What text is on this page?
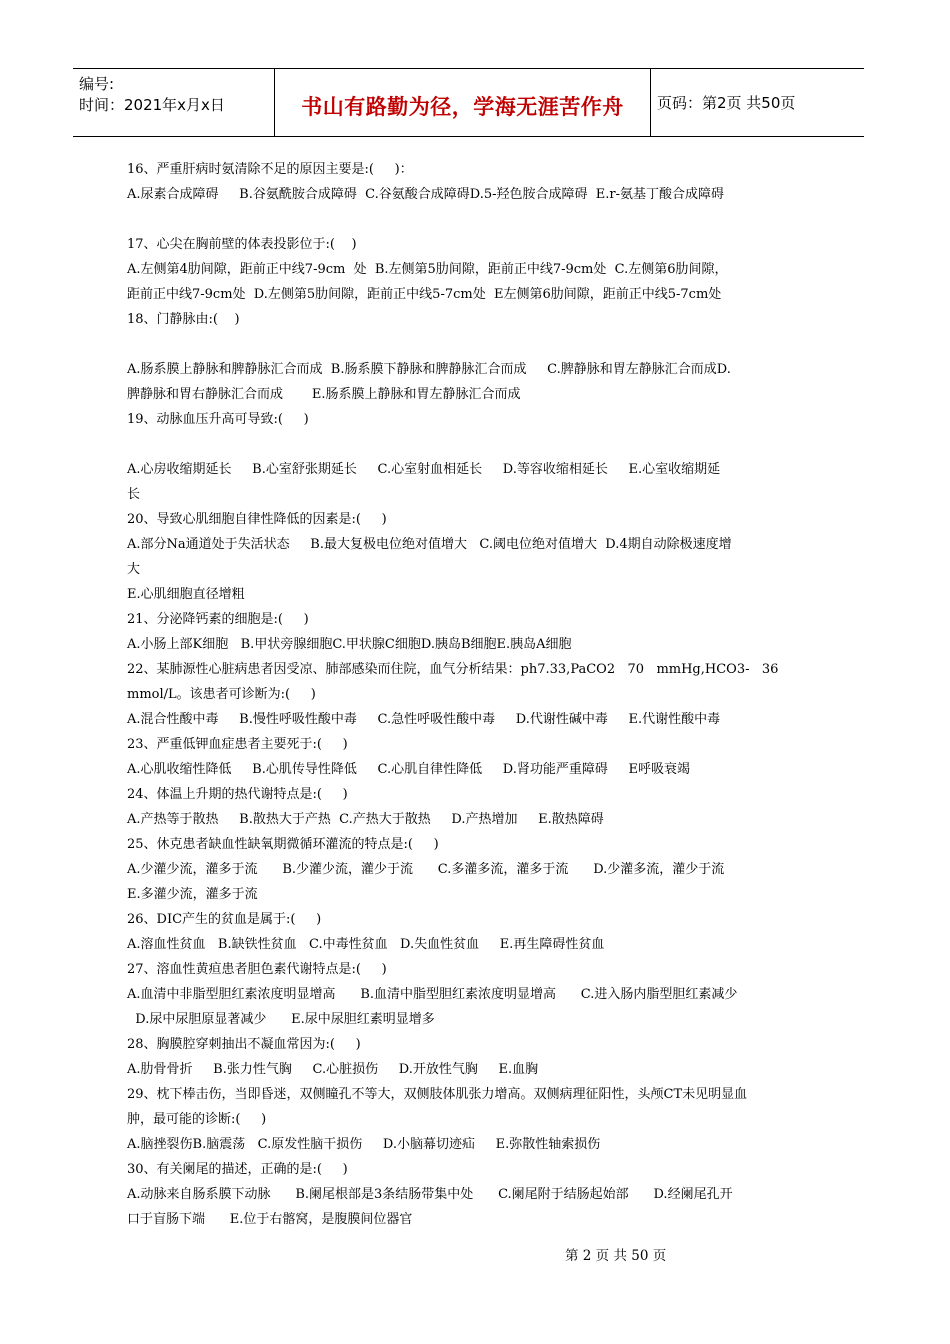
编号:
时间：2021年x月x日	书山有路勤为径，学海无涯苦作舟 页码：第2页 共50页
16、严重肝病时氨清除不足的原因主要是:(     )：
A.尿素合成障碍     B.谷氨酰胺合成障碍  C.谷氨酸合成障碍D.5-羟色胺合成障碍  E.r-氨基丁酸合成障碍
17、心尖在胸前壁的体表投影位于:(    )
A.左侧第4肋间隙，距前正中线7-9cm  处  B.左侧第5肋间隙，距前正中线7-9cm处  C.左侧第6肋间隙，
距前正中线7-9cm处  D.左侧第5肋间隙，距前正中线5-7cm处  E左侧第6肋间隙，距前正中线5-7cm处
18、门静脉由:(    )
A.肠系膜上静脉和脾静脉汇合而成  B.肠系膜下静脉和脾静脉汇合而成     C.脾静脉和胃左静脉汇合而成D.
脾静脉和胃右静脉汇合而成       E.肠系膜上静脉和胃左静脉汇合而成
19、动脉血压升高可导致:(     )
A.心房收缩期延长     B.心室舒张期延长     C.心室射血相延长     D.等容收缩相延长     E.心室收缩期延
长
20、导致心肌细胞自律性降低的因素是:(     )
A.部分Na通道处于失活状态     B.最大复极电位绝对值增大   C.阈电位绝对值增大  D.4期自动除极速度增
大
E.心肌细胞直径增粗
21、分泌降钙素的细胞是:(     )
A.小肠上部K细胞   B.甲状旁腺细胞C.甲状腺C细胞D.胰岛B细胞E.胰岛A细胞
22、某肺源性心脏病患者因受凉、肺部感染而住院，血气分析结果：ph7.33,PaCO2   70   mmHg,HCO3-   36
mmol/L。该患者可诊断为:(     )
A.混合性酸中毒     B.慢性呼吸性酸中毒     C.急性呼吸性酸中毒     D.代谢性碱中毒     E.代谢性酸中毒
23、严重低钾血症患者主要死于:(     )
A.心肌收缩性降低     B.心肌传导性降低     C.心肌自律性降低     D.肾功能严重障碍     E呼吸衰竭
24、体温上升期的热代谢特点是:(     )
A.产热等于散热     B.散热大于产热  C.产热大于散热     D.产热增加     E.散热障碍
25、休克患者缺血性缺氧期微循环灌流的特点是:(     )
A.少灌少流，灌多于流      B.少灌少流，灌少于流      C.多灌多流，灌多于流      D.少灌多流，灌少于流
E.多灌少流，灌多于流
26、DIC产生的贫血是属于:(     )
A.溶血性贫血   B.缺铁性贫血   C.中毒性贫血   D.失血性贫血     E.再生障碍性贫血
27、溶血性黄疸患者胆色素代谢特点是:(     )
A.血清中非脂型胆红素浓度明显增高      B.血清中脂型胆红素浓度明显增高      C.进入肠内脂型胆红素减少
D.尿中尿胆原显著减少      E.尿中尿胆红素明显增多
28、胸膜腔穿刺抽出不凝血常因为:(     )
A.肋骨骨折     B.张力性气胸     C.心脏损伤     D.开放性气胸     E.血胸
29、枕下棒击伤，当即昏迷，双侧瞳孔不等大，双侧肢体肌张力增高。双侧病理征阳性，头颅CT未见明显血
肿，最可能的诊断:(     )
A.脑挫裂伤B.脑震荡   C.原发性脑干损伤     D.小脑幕切迹疝     E.弥散性轴索损伤
30、有关阑尾的描述，正确的是:(     )
A.动脉来自肠系膜下动脉      B.阑尾根部是3条结肠带集中处      C.阑尾附于结肠起始部      D.经阑尾孔开
口于盲肠下端      E.位于右髂窝，是腹膜间位器官
第 2 页 共 50 页
